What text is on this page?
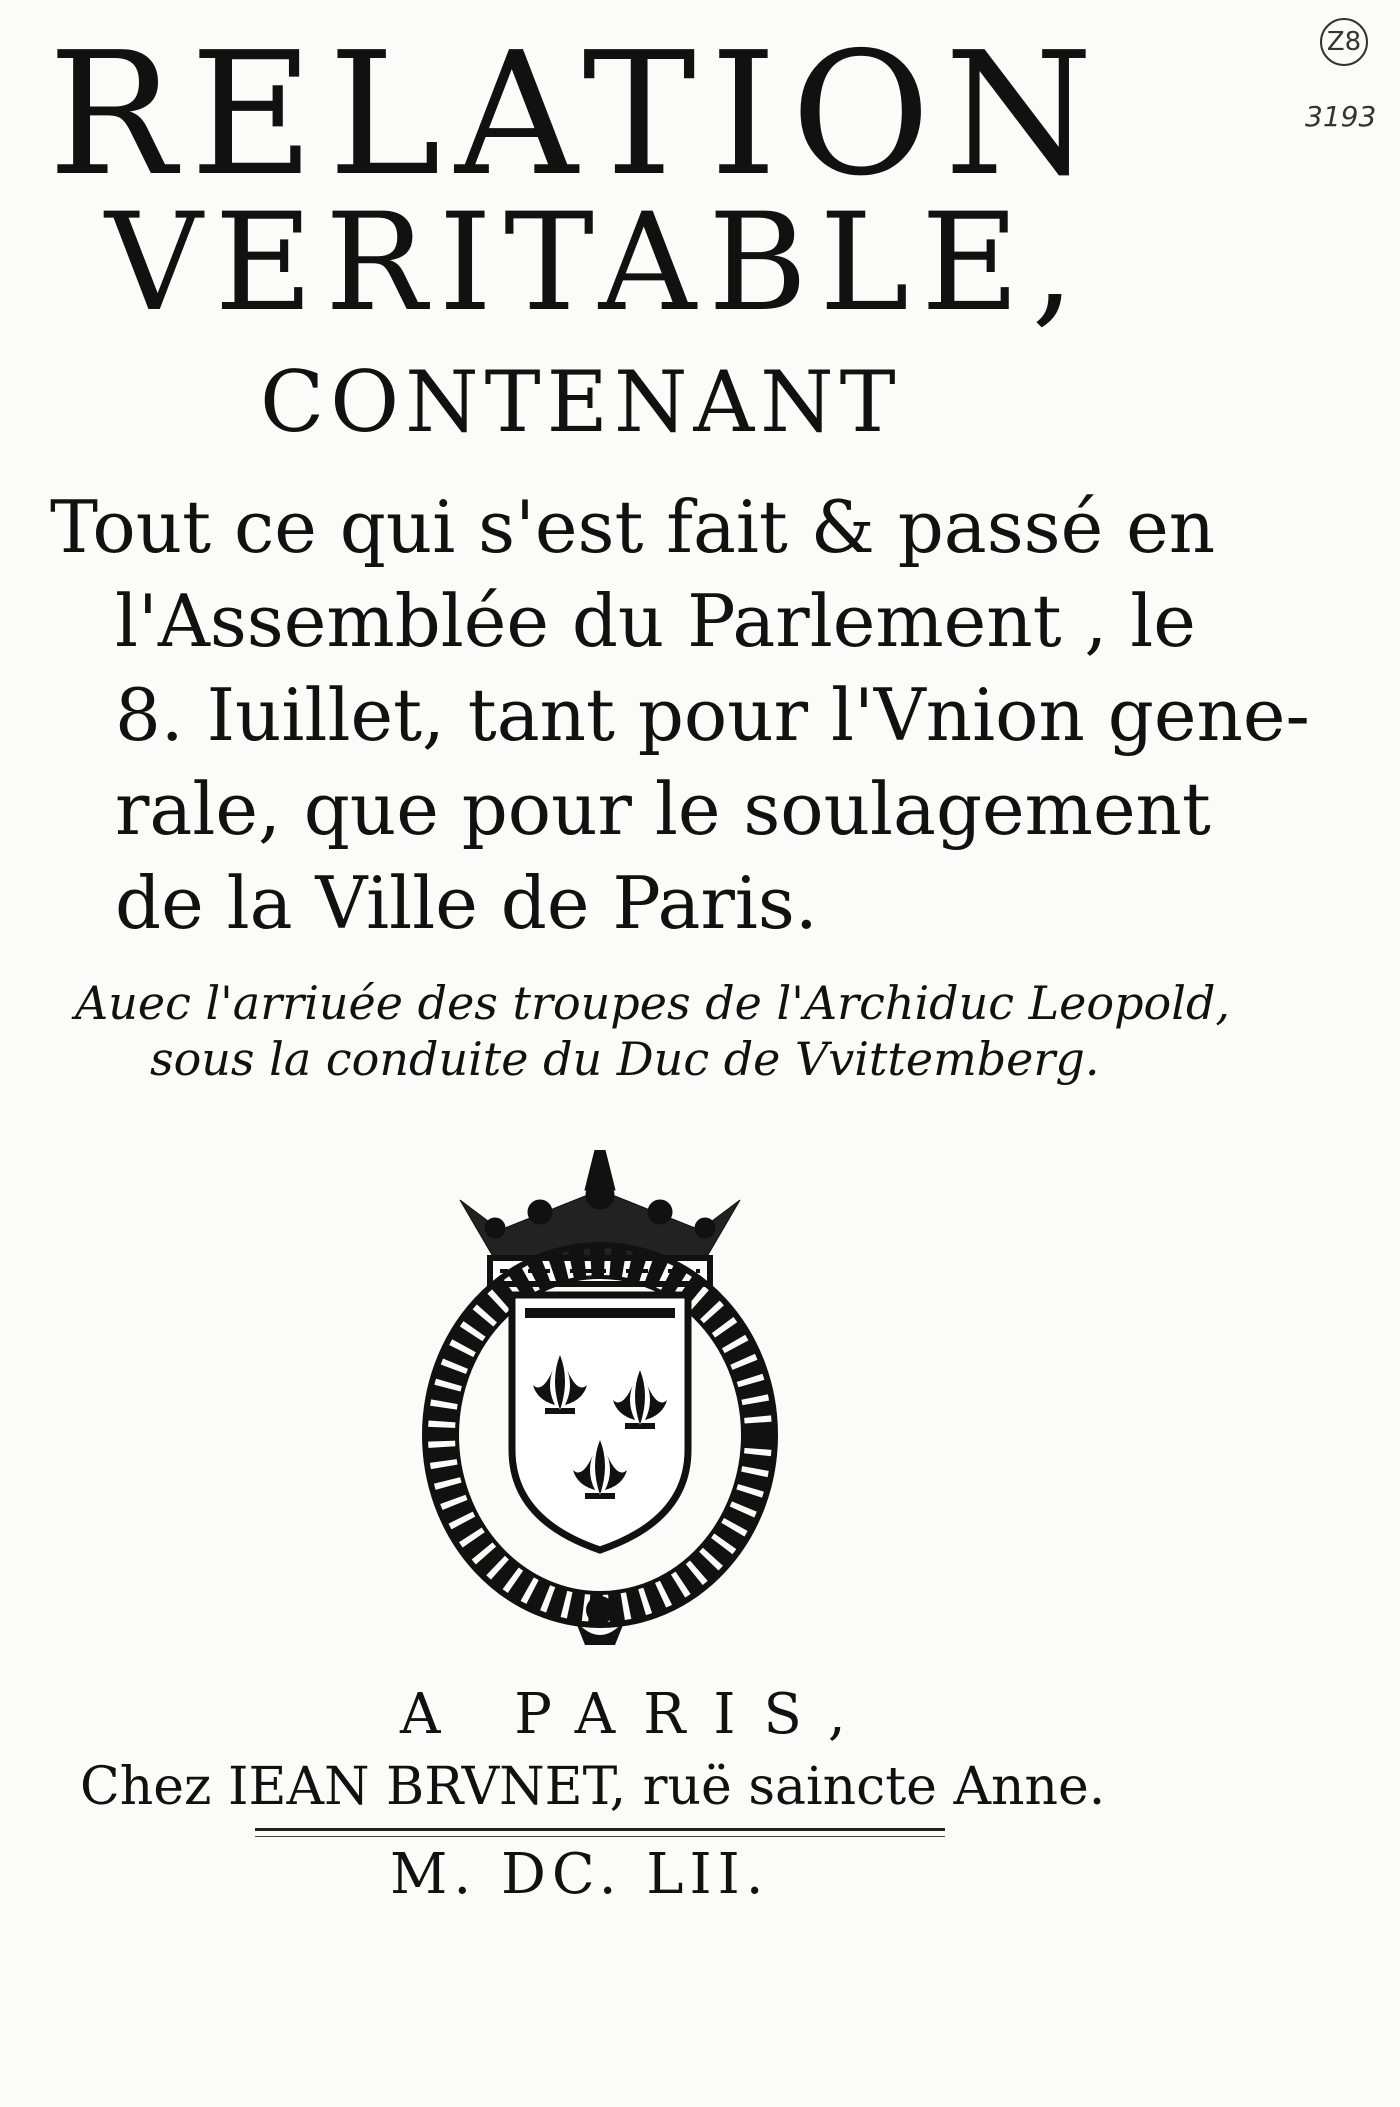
Z8
3193
RELATION
VERITABLE,
CONTENANT
Tout ce qui s'est fait & passé en
l'Assemblée du Parlement , le
8. Iuillet, tant pour l'Vnion gene-
rale, que pour le soulagement
de la Ville de Paris.
Auec l'arriuée des troupes de l'Archiduc Leopold,
sous la conduite du Duc de Vvittemberg.
A PARIS,
Chez IEAN BRVNET, ruë saincte Anne.
M. DC. LII.
